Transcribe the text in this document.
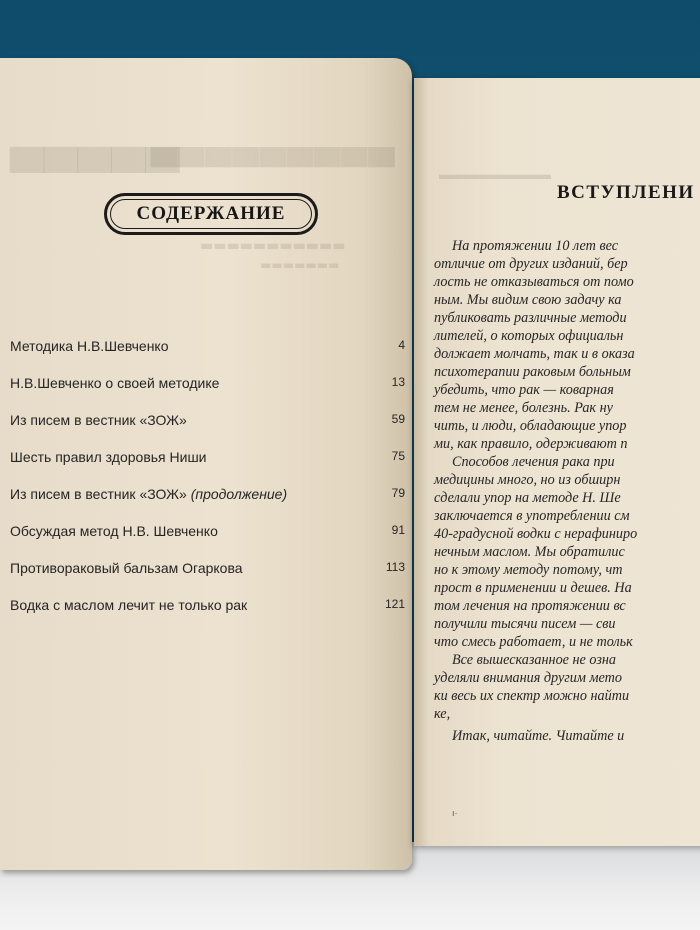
▀▀▀▀▀
▀▀▀▀▀▀▀▀▀
▬▬▬▬▬▬▬▬▬▬▬
▬▬▬▬▬▬▬
СОДЕРЖАНИЕ
Методика Н.В.Шевченко	4
Н.В.Шевченко о своей методике	13
Из писем в вестник «ЗОЖ»	59
Шесть правил здоровья Ниши	75
Из писем в вестник «ЗОЖ» (продолжение)	79
Обсуждая метод Н.В. Шевченко	91
Противораковый бальзам Огаркова	113
Водка с маслом лечит не только рак	121
▬▬▬▬▬▬▬▬
ВСТУПЛЕНИ
На протяжении 10 лет вес
отличие от других изданий, бер
лость не отказываться от помо
ным. Мы видим свою задачу ка
публиковать различные методи
лителей, о которых официальн
должает молчать, так и в оказа
психотерапии раковым больным
убедить, что рак — коварная
тем не менее, болезнь. Рак ну
чить, и люди, обладающие упор
ми, как правило, одерживают п
Способов лечения рака при
медицины много, но из обширн
сделали упор на методе Н. Ше
заключается в употреблении см
40-градусной водки с нерафиниро
нечным маслом. Мы обратилис
но к этому методу потому, чт
прост в применении и дешев. На
том лечения на протяжении вс
получили тысячи писем — сви
что смесь работает, и не тольк
Все вышесказанное не озна
уделяли внимания другим мето
ки весь их спектр можно найти
ке,
Итак, читайте. Читайте и
ı·
